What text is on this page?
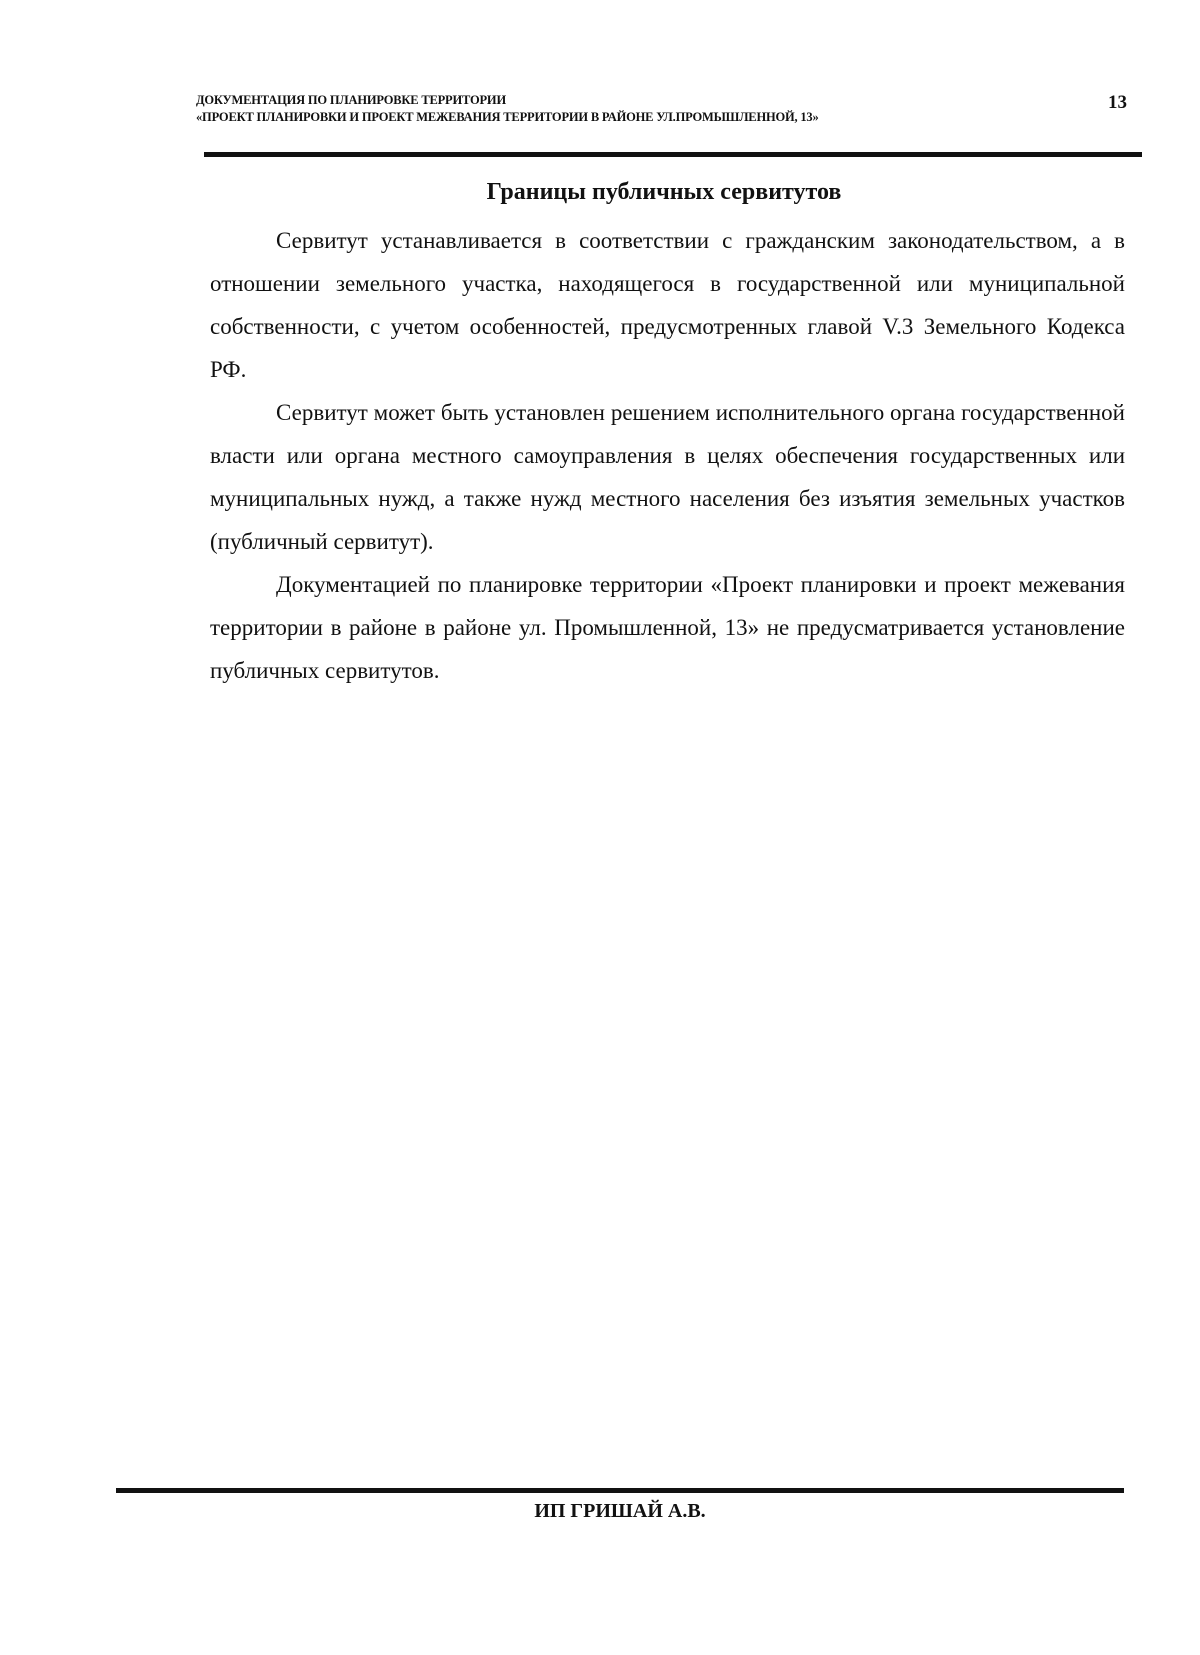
ДОКУМЕНТАЦИЯ ПО ПЛАНИРОВКЕ ТЕРРИТОРИИ

«ПРОЕКТ ПЛАНИРОВКИ И ПРОЕКТ МЕЖЕВАНИЯ ТЕРРИТОРИИ В РАЙОНЕ УЛ.ПРОМЫШЛЕННОЙ, 13»

13
Границы публичных сервитутов

Сервитут устанавливается в соответствии с гражданским законодательством, а в отношении земельного участка, находящегося в государственной или муниципальной собственности, с учетом особенностей, предусмотренных главой V.3 Земельного Кодекса РФ.

Сервитут может быть установлен решением исполнительного органа государственной власти или органа местного самоуправления в целях обеспечения государственных или муниципальных нужд, а также нужд местного населения без изъятия земельных участков (публичный сервитут).

Документацией по планировке территории «Проект планировки и проект межевания территории в районе в районе ул. Промышленной, 13» не предусматривается установление публичных сервитутов.

ИП ГРИШАЙ А.В.
